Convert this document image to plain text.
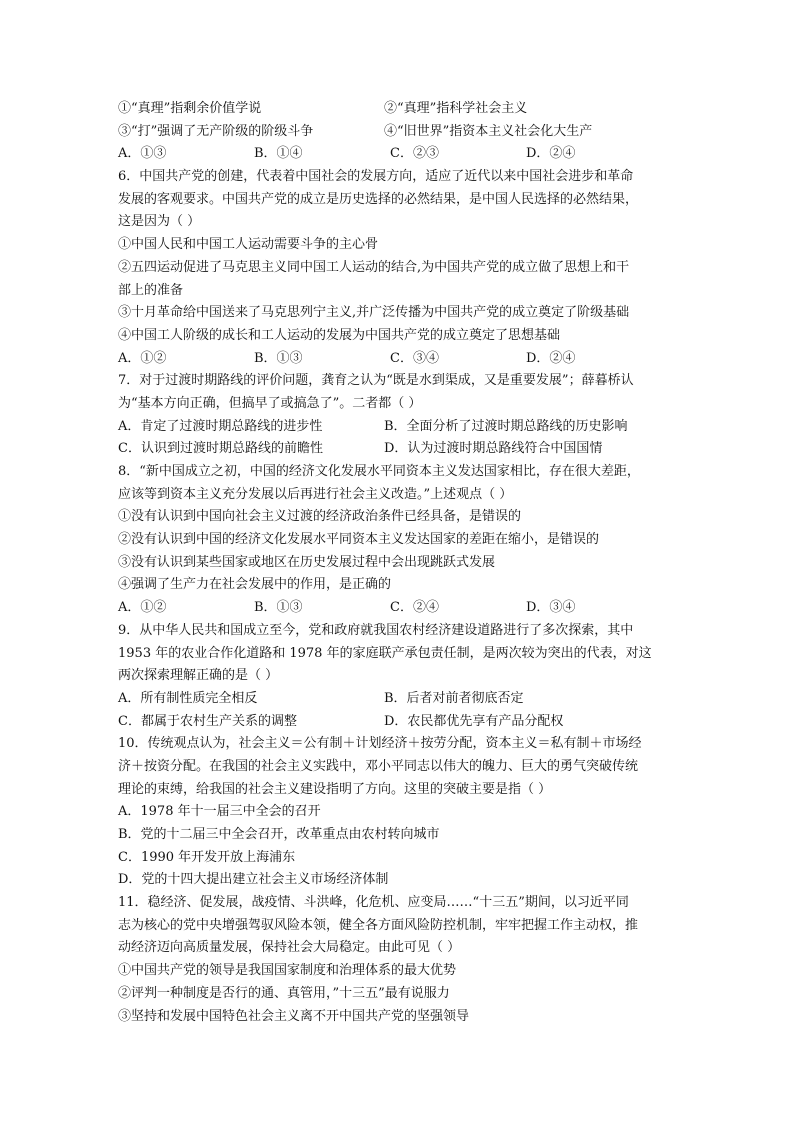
①“真理”指剩余价值学说	②“真理”指科学社会主义
③“打”强调了无产阶级的阶级斗争	④“旧世界”指资本主义社会化大生产
A．①③	B．①④	C．②③	D．②④
6．中国共产党的创建，代表着中国社会的发展方向，适应了近代以来中国社会进步和革命
发展的客观要求。中国共产党的成立是历史选择的必然结果，是中国人民选择的必然结果，
这是因为（ ）
①中国人民和中国工人运动需要斗争的主心骨
②五四运动促进了马克思主义同中国工人运动的结合,为中国共产党的成立做了思想上和干
部上的准备
③十月革命给中国送来了马克思列宁主义,并广泛传播为中国共产党的成立奠定了阶级基础
④中国工人阶级的成长和工人运动的发展为中国共产党的成立奠定了思想基础
A．①②	B．①③	C．③④	D．②④
7．对于过渡时期路线的评价问题，龚育之认为“既是水到渠成，又是重要发展”；薛暮桥认
为“基本方向正确，但搞早了或搞急了”。二者都（ ）
A．肯定了过渡时期总路线的进步性	B．全面分析了过渡时期总路线的历史影响
C．认识到过渡时期总路线的前瞻性	D．认为过渡时期总路线符合中国国情
8．“新中国成立之初，中国的经济文化发展水平同资本主义发达国家相比，存在很大差距，
应该等到资本主义充分发展以后再进行社会主义改造。”上述观点（ ）
①没有认识到中国向社会主义过渡的经济政治条件已经具备，是错误的
②没有认识到中国的经济文化发展水平同资本主义发达国家的差距在缩小，是错误的
③没有认识到某些国家或地区在历史发展过程中会出现跳跃式发展
④强调了生产力在社会发展中的作用，是正确的
A．①②	B．①③	C．②④	D．③④
9．从中华人民共和国成立至今，党和政府就我国农村经济建设道路进行了多次探索，其中
1953 年的农业合作化道路和 1978 年的家庭联产承包责任制，是两次较为突出的代表，对这
两次探索理解正确的是（ ）
A．所有制性质完全相反	B．后者对前者彻底否定
C．都属于农村生产关系的调整	D．农民都优先享有产品分配权
10．传统观点认为，社会主义＝公有制＋计划经济＋按劳分配，资本主义＝私有制＋市场经
济＋按资分配。在我国的社会主义实践中，邓小平同志以伟大的魄力、巨大的勇气突破传统
理论的束缚，给我国的社会主义建设指明了方向。这里的突破主要是指（ ）
A．1978 年十一届三中全会的召开
B．党的十二届三中全会召开，改革重点由农村转向城市
C．1990 年开发开放上海浦东
D．党的十四大提出建立社会主义市场经济体制
11．稳经济、促发展，战疫情、斗洪峰，化危机、应变局……“十三五”期间，以习近平同
志为核心的党中央增强驾驭风险本领，健全各方面风险防控机制，牢牢把握工作主动权，推
动经济迈向高质量发展，保持社会大局稳定。由此可见（ ）
①中国共产党的领导是我国国家制度和治理体系的最大优势
②评判一种制度是否行的通、真管用，”十三五”最有说服力
③坚持和发展中国特色社会主义离不开中国共产党的坚强领导
